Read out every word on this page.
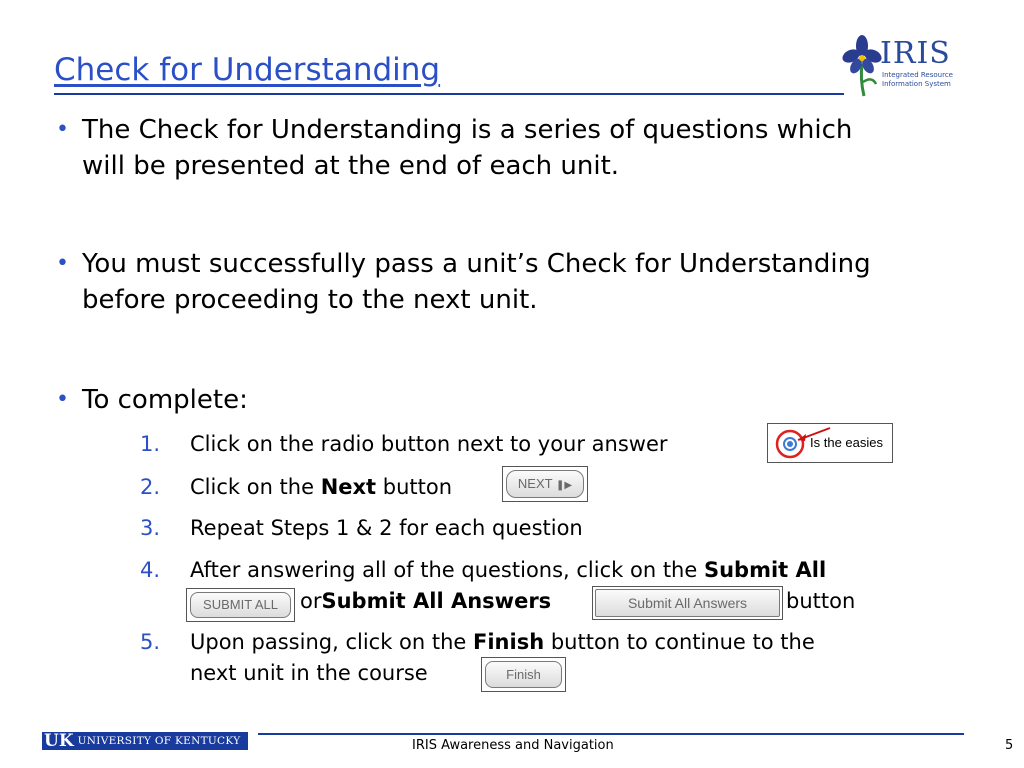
Check for Understanding	IRIS
Integrated Resource
Information System
• The Check for Understanding is a series of questions which will be presented at the end of each unit.
• You must successfully pass a unit’s Check for Understanding before proceeding to the next unit.
• To complete:
1.	Click on the radio button next to your answer	Is the easies
2.	Click on the Next button	NEXT ❚▶
3.	Repeat Steps 1 & 2 for each question
4.	After answering all of the questions, click on the Submit All
SUBMIT ALL	or Submit All Answers	Submit All Answers	button
5.	Upon passing, click on the Finish button to continue to the
next unit in the course	Finish
UK UNIVERSITY OF KENTUCKY	IRIS Awareness and Navigation	5
